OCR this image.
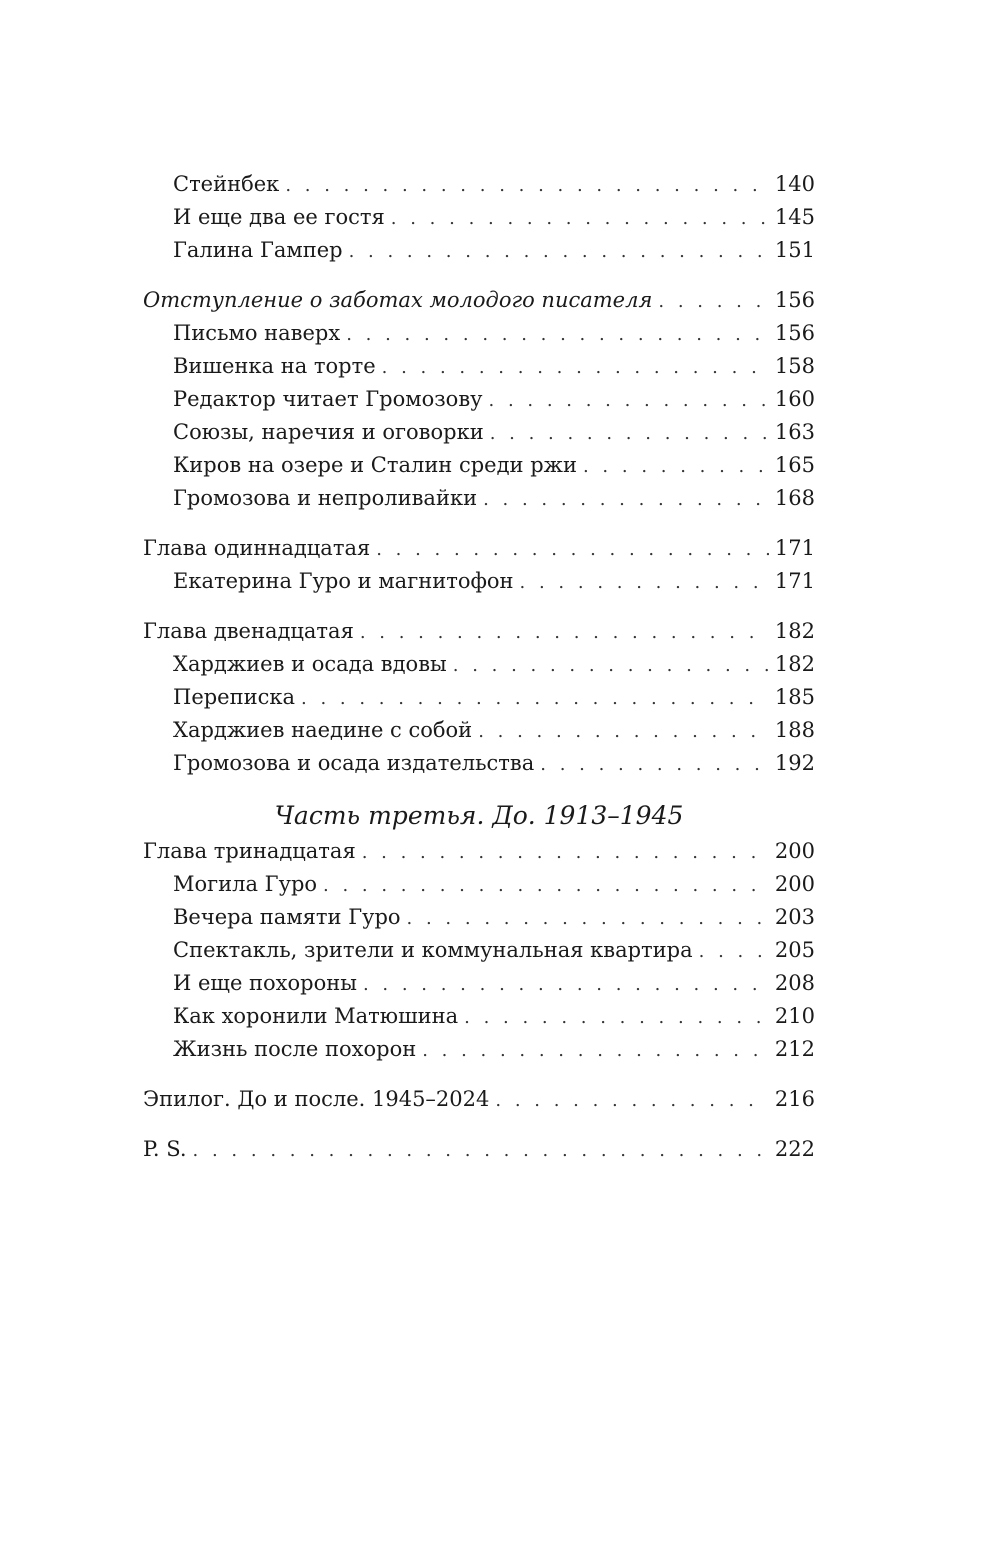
Стейнбек . . .	140
И еще два ее гостя . . .	145
Галина Гампер . . .	151
Отступление о заботах молодого писателя . . .	156
Письмо наверх . . .	156
Вишенка на торте . . .	158
Редактор читает Громозову . . .	160
Союзы, наречия и оговорки . . .	163
Киров на озере и Сталин среди ржи . . .	165
Громозова и непроливайки . . .	168
Глава одиннадцатая . . .	171
Екатерина Гуро и магнитофон . . .	171
Глава двенадцатая . . .	182
Харджиев и осада вдовы . . .	182
Переписка . . .	185
Харджиев наедине с собой . . .	188
Громозова и осада издательства . . .	192
Часть третья. До. 1913–1945
Глава тринадцатая . . .	200
Могила Гуро . . .	200
Вечера памяти Гуро . . .	203
Спектакль, зрители и коммунальная квартира . . .	205
И еще похороны . . .	208
Как хоронили Матюшина . . .	210
Жизнь после похорон . . .	212
Эпилог. До и после. 1945–2024 . . .	216
P. S. . . .	222
